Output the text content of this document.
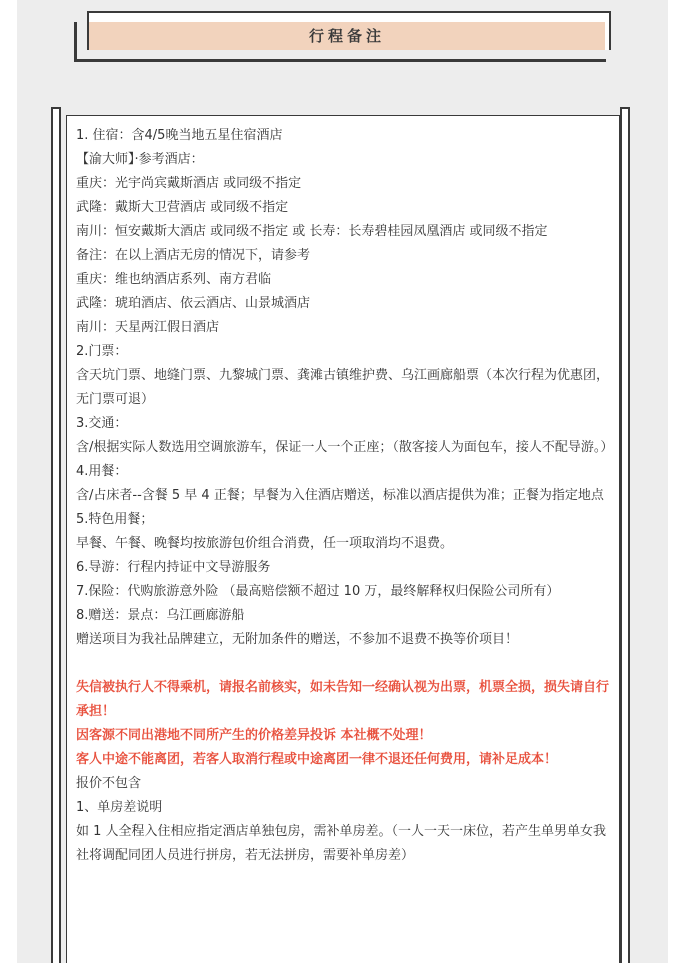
行程备注

1. 住宿：含4/5晚当地五星住宿酒店

【渝大师】·参考酒店：

重庆：光宇尚宾戴斯酒店 或同级不指定

武隆：戴斯大卫营酒店 或同级不指定

南川：恒安戴斯大酒店 或同级不指定 或 长寿：长寿碧桂园凤凰酒店 或同级不指定

备注：在以上酒店无房的情况下，请参考

重庆：维也纳酒店系列、南方君临

武隆：琥珀酒店、依云酒店、山景城酒店

南川：天星两江假日酒店

2.门票：

含天坑门票、地缝门票、九黎城门票、龚滩古镇维护费、乌江画廊船票（本次行程为优惠团，无门票可退）

3.交通：

含/根据实际人数选用空调旅游车，保证一人一个正座；（散客接人为面包车，接人不配导游。）

4.用餐：

含/占床者--含餐 5 早 4 正餐；早餐为入住酒店赠送，标准以酒店提供为准；正餐为指定地点5.特色用餐；

早餐、午餐、晚餐均按旅游包价组合消费，任一项取消均不退费。

6.导游：行程内持证中文导游服务

7.保险：代购旅游意外险 （最高赔偿额不超过 10 万，最终解释权归保险公司所有）

8.赠送：景点：乌江画廊游船

赠送项目为我社品牌建立，无附加条件的赠送，不参加不退费不换等价项目！

失信被执行人不得乘机，请报名前核实，如未告知一经确认视为出票，机票全损，损失请自行承担！

因客源不同出港地不同所产生的价格差异投诉 本社概不处理！

客人中途不能离团，若客人取消行程或中途离团一律不退还任何费用，请补足成本！

报价不包含

1、单房差说明

如 1 人全程入住相应指定酒店单独包房，需补单房差。（一人一天一床位，若产生单男单女我社将调配同团人员进行拼房，若无法拼房，需要补单房差）
